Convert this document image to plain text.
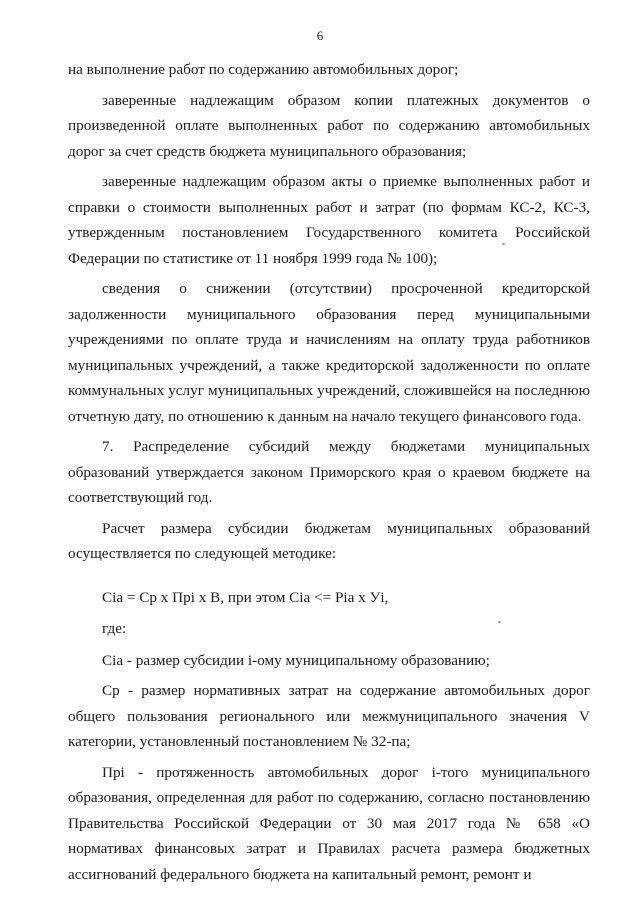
6

на выполнение работ по содержанию автомобильных дорог;

заверенные надлежащим образом копии платежных документов о произведенной оплате выполненных работ по содержанию автомобильных дорог за счет средств бюджета муниципального образования;

заверенные надлежащим образом акты о приемке выполненных работ и справки о стоимости выполненных работ и затрат (по формам КС-2, КС-3, утвержденным постановлением Государственного комитета Российской Федерации по статистике от 11 ноября 1999 года № 100);

сведения о снижении (отсутствии) просроченной кредиторской задолженности муниципального образования перед муниципальными учреждениями по оплате труда и начислениям на оплату труда работников муниципальных учреждений, а также кредиторской задолженности по оплате коммунальных услуг муниципальных учреждений, сложившейся на последнюю отчетную дату, по отношению к данным на начало текущего финансового года.

7. Распределение субсидий между бюджетами муниципальных образований утверждается законом Приморского края о краевом бюджете на соответствующий год.

Расчет размера субсидии бюджетам муниципальных образований осуществляется по следующей методике:

Сiа = Ср х Прi х В, при этом Сiа <= Рiа х Уi,

где:

Сiа - размер субсидии i-ому муниципальному образованию;

Ср - размер нормативных затрат на содержание автомобильных дорог общего пользования регионального или межмуниципального значения V категории, установленный постановлением № 32-па;

Прi - протяженность автомобильных дорог i-того муниципального образования, определенная для работ по содержанию, согласно постановлению Правительства Российской Федерации от 30 мая 2017 года № 658 «О нормативах финансовых затрат и Правилах расчета размера бюджетных ассигнований федерального бюджета на капитальный ремонт, ремонт и
